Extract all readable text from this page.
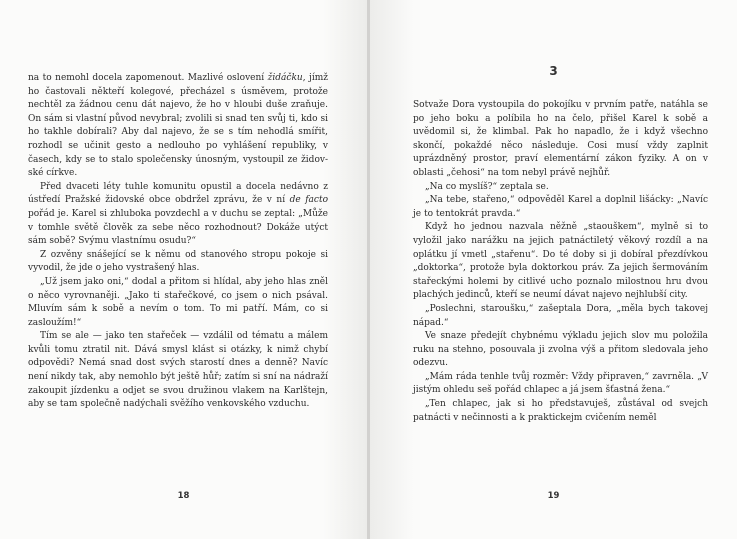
na to nemohl docela zapomenout. Mazlivé oslovení židáčku, jímž ho častovali někteří kolegové, přecházel s úsměvem, protože nechtěl za žádnou cenu dát najevo, že ho v hloubi duše zraňuje. On sám si vlastní původ nevybral; zvolili si snad ten svůj ti, kdo si ho takhle dobírali? Aby dal najevo, že se s tím nehodlá smířit, rozhodl se učinit gesto a nedlouho po vyhlášení republiky, v časech, kdy se to stalo společensky únosným, vystoupil ze židovské církve.

Před dvaceti léty tuhle komunitu opustil a docela nedávno z ústředí Pražské židovské obce obdržel zprávu, že v ní de facto pořád je. Karel si zhluboka povzdechl a v duchu se zeptal: „Může v tomhle světě člověk za sebe něco rozhodnout? Dokáže utýct sám sobě? Svýmu vlastnímu osudu?“

Z ozvěny snášející se k němu od stanového stropu pokoje si vyvodil, že jde o jeho vystrašený hlas.

„Už jsem jako oni,“ dodal a přitom si hlídal, aby jeho hlas zněl o něco vyrovnaněji. „Jako ti stařečkové, co jsem o nich psával. Mluvím sám k sobě a nevím o tom. To mi patří. Mám, co si zasloužím!“

Tím se ale — jako ten stařeček — vzdálil od tématu a málem kvůli tomu ztratil nit. Dává smysl klást si otázky, k nimž chybí odpovědi? Nemá snad dost svých starostí dnes a denně? Navíc není nikdy tak, aby nemohlo být ještě hůř; zatím si sní na nádraží zakoupit jízdenku a odjet se svou družinou vlakem na Karlštejn, aby se tam společně nadýchali svěžího venkovského vzduchu.

18
3

Sotvaže Dora vystoupila do pokojíku v prvním patře, natáhla se po jeho boku a políbila ho na čelo, přišel Karel k sobě a uvědomil si, že klimbal. Pak ho napadlo, že i když všechno skončí, pokaždé něco následuje. Cosi musí vždy zaplnit uprázdněný prostor, praví elementární zákon fyziky. A on v oblasti „čehosi“ na tom nebyl právě nejhůř.

„Na co myslíš?“ zeptala se.

„Na tebe, stařeno,“ odpověděl Karel a doplnil lišácky: „Navíc je to tentokrát pravda.“

Když ho jednou nazvala něžně „staouškem“, mylně si to vyložil jako narážku na jejich patnáctiletý věkový rozdíl a na oplátku jí vmetl „stařenu“. Do té doby si ji dobíral přezdívkou „doktorka“, protože byla doktorkou práv. Za jejich šermováním stařeckými holemi by citlivé ucho poznalo milostnou hru dvou plachých jedinců, kteří se neumí dávat najevo nejhlubší city.

„Poslechni, staroušku,“ zašeptala Dora, „měla bych takovej nápad.“

Ve snaze předejít chybnému výkladu jejich slov mu položila ruku na stehno, posouvala ji zvolna výš a přitom sledovala jeho odezvu.

„Mám ráda tenhle tvůj rozměr: Vždy připraven,“ zavrněla. „V jistým ohledu seš pořád chlapec a já jsem šťastná žena.“

„Ten chlapec, jak si ho představuješ, zůstával od svejch patnácti v nečinnosti a k praktickejm cvičením neměl

19
